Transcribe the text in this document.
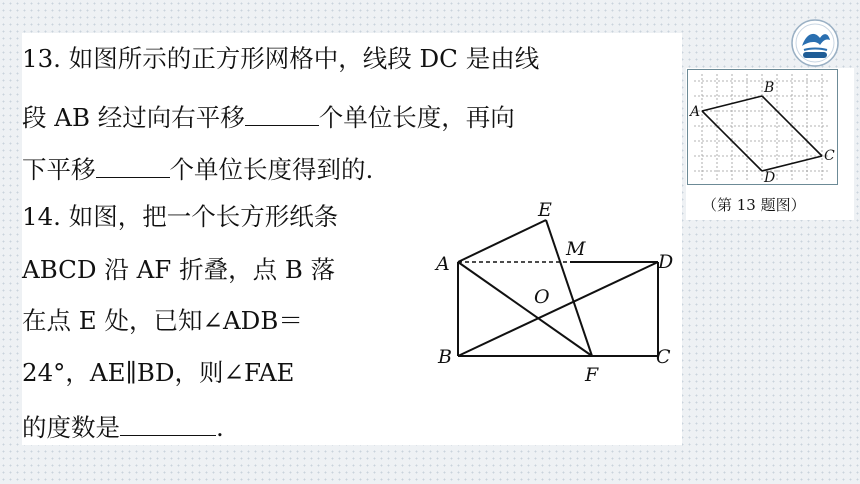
13. 如图所示的正方形网格中，线段 DC 是由线
段 AB 经过向右平移	个单位长度，再向
下平移	个单位长度得到的.
14. 如图，把一个长方形纸条
ABCD 沿 AF 折叠，点 B 落
在点 E 处，已知∠ADB＝
24°，AE∥BD，则∠FAE
的度数是	.
A
B	C
D
E
F
M
O
A
B
C
D
（第 13 题图）
